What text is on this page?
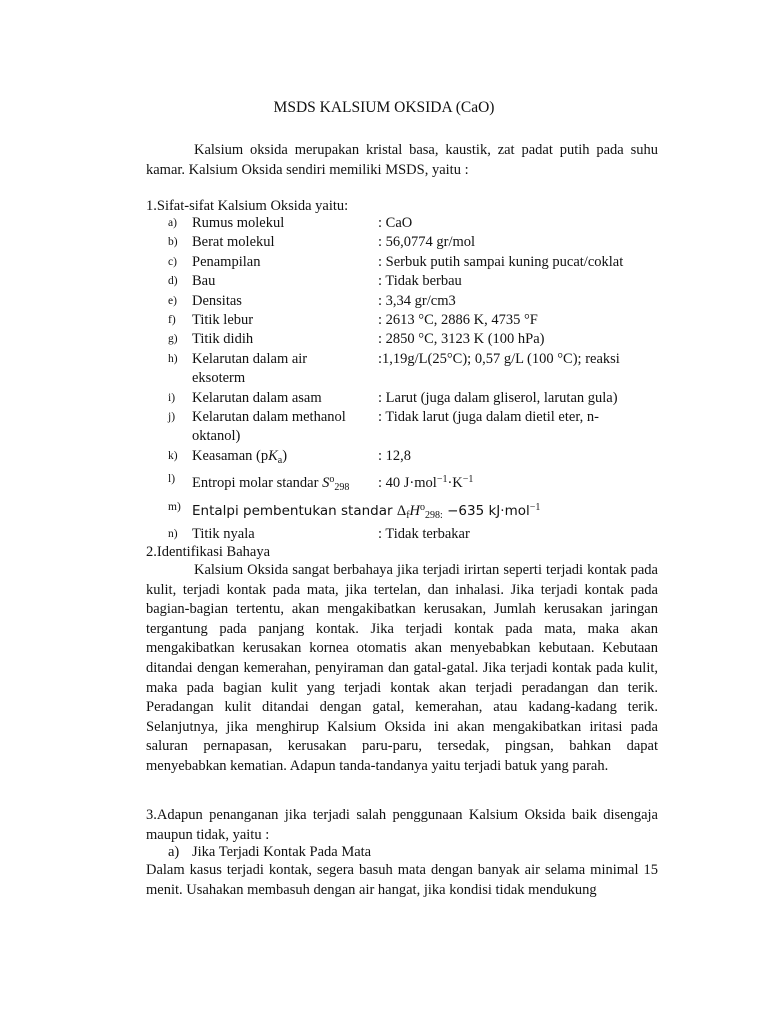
MSDS KALSIUM OKSIDA (CaO)

Kalsium oksida merupakan kristal basa, kaustik, zat padat putih pada suhu kamar. Kalsium Oksida sendiri memiliki MSDS, yaitu :

1.Sifat-sifat Kalsium Oksida yaitu:
a)	Rumus molekul	: CaO
b) Berat molekul	: 56,0774 gr/mol
c)	Penampilan	: Serbuk putih sampai kuning pucat/coklat
d) Bau	: Tidak berbau
e)	Densitas	: 3,34 gr/cm3
f)	Titik lebur	: 2613 °C, 2886 K, 4735 °F
g) Titik didih	: 2850 °C, 3123 K (100 hPa)
h) Kelarutan dalam air	:1,19g/L(25°C); 0,57 g/L (100 °C); reaksi
eksoterm
i)	Kelarutan dalam asam	: Larut (juga dalam gliserol, larutan gula)
j)	Kelarutan dalam methanol	: Tidak larut (juga dalam dietil eter, n-
oktanol)
k) Keasaman $(pK_a)$	: 12,8
l)	Entropi molar standar $S^o_{298}$	: 40 $J\cdot mol^{-1}\cdot K^{-1}$
m) Entalpi pembentukan standar $\Delta_fH^o_{298:} -635$ kJ·mol$^{-1}$
n) Titik nyala	: Tidak terbakar
2.Identifikasi Bahaya

Kalsium Oksida sangat berbahaya jika terjadi irirtan seperti terjadi kontak pada kulit, terjadi kontak pada mata, jika tertelan, dan inhalasi. Jika terjadi kontak pada bagian-bagian tertentu, akan mengakibatkan kerusakan, Jumlah kerusakan jaringan tergantung pada panjang kontak. Jika terjadi kontak pada mata, maka akan mengakibatkan kerusakan kornea otomatis akan menyebabkan kebutaan. Kebutaan ditandai dengan kemerahan, penyiraman dan gatal-gatal. Jika terjadi kontak pada kulit, maka pada bagian kulit yang terjadi kontak akan terjadi peradangan dan terik. Peradangan kulit ditandai dengan gatal, kemerahan, atau kadang-kadang terik. Selanjutnya, jika menghirup Kalsium Oksida ini akan mengakibatkan iritasi pada saluran pernapasan, kerusakan paru-paru, tersedak, pingsan, bahkan dapat menyebabkan kematian. Adapun tanda-tandanya yaitu terjadi batuk yang parah.

3.Adapun penanganan jika terjadi salah penggunaan Kalsium Oksida baik disengaja maupun tidak, yaitu :

a) Jika Terjadi Kontak Pada Mata

Dalam kasus terjadi kontak, segera basuh mata dengan banyak air selama minimal 15 menit. Usahakan membasuh dengan air hangat, jika kondisi tidak mendukung
